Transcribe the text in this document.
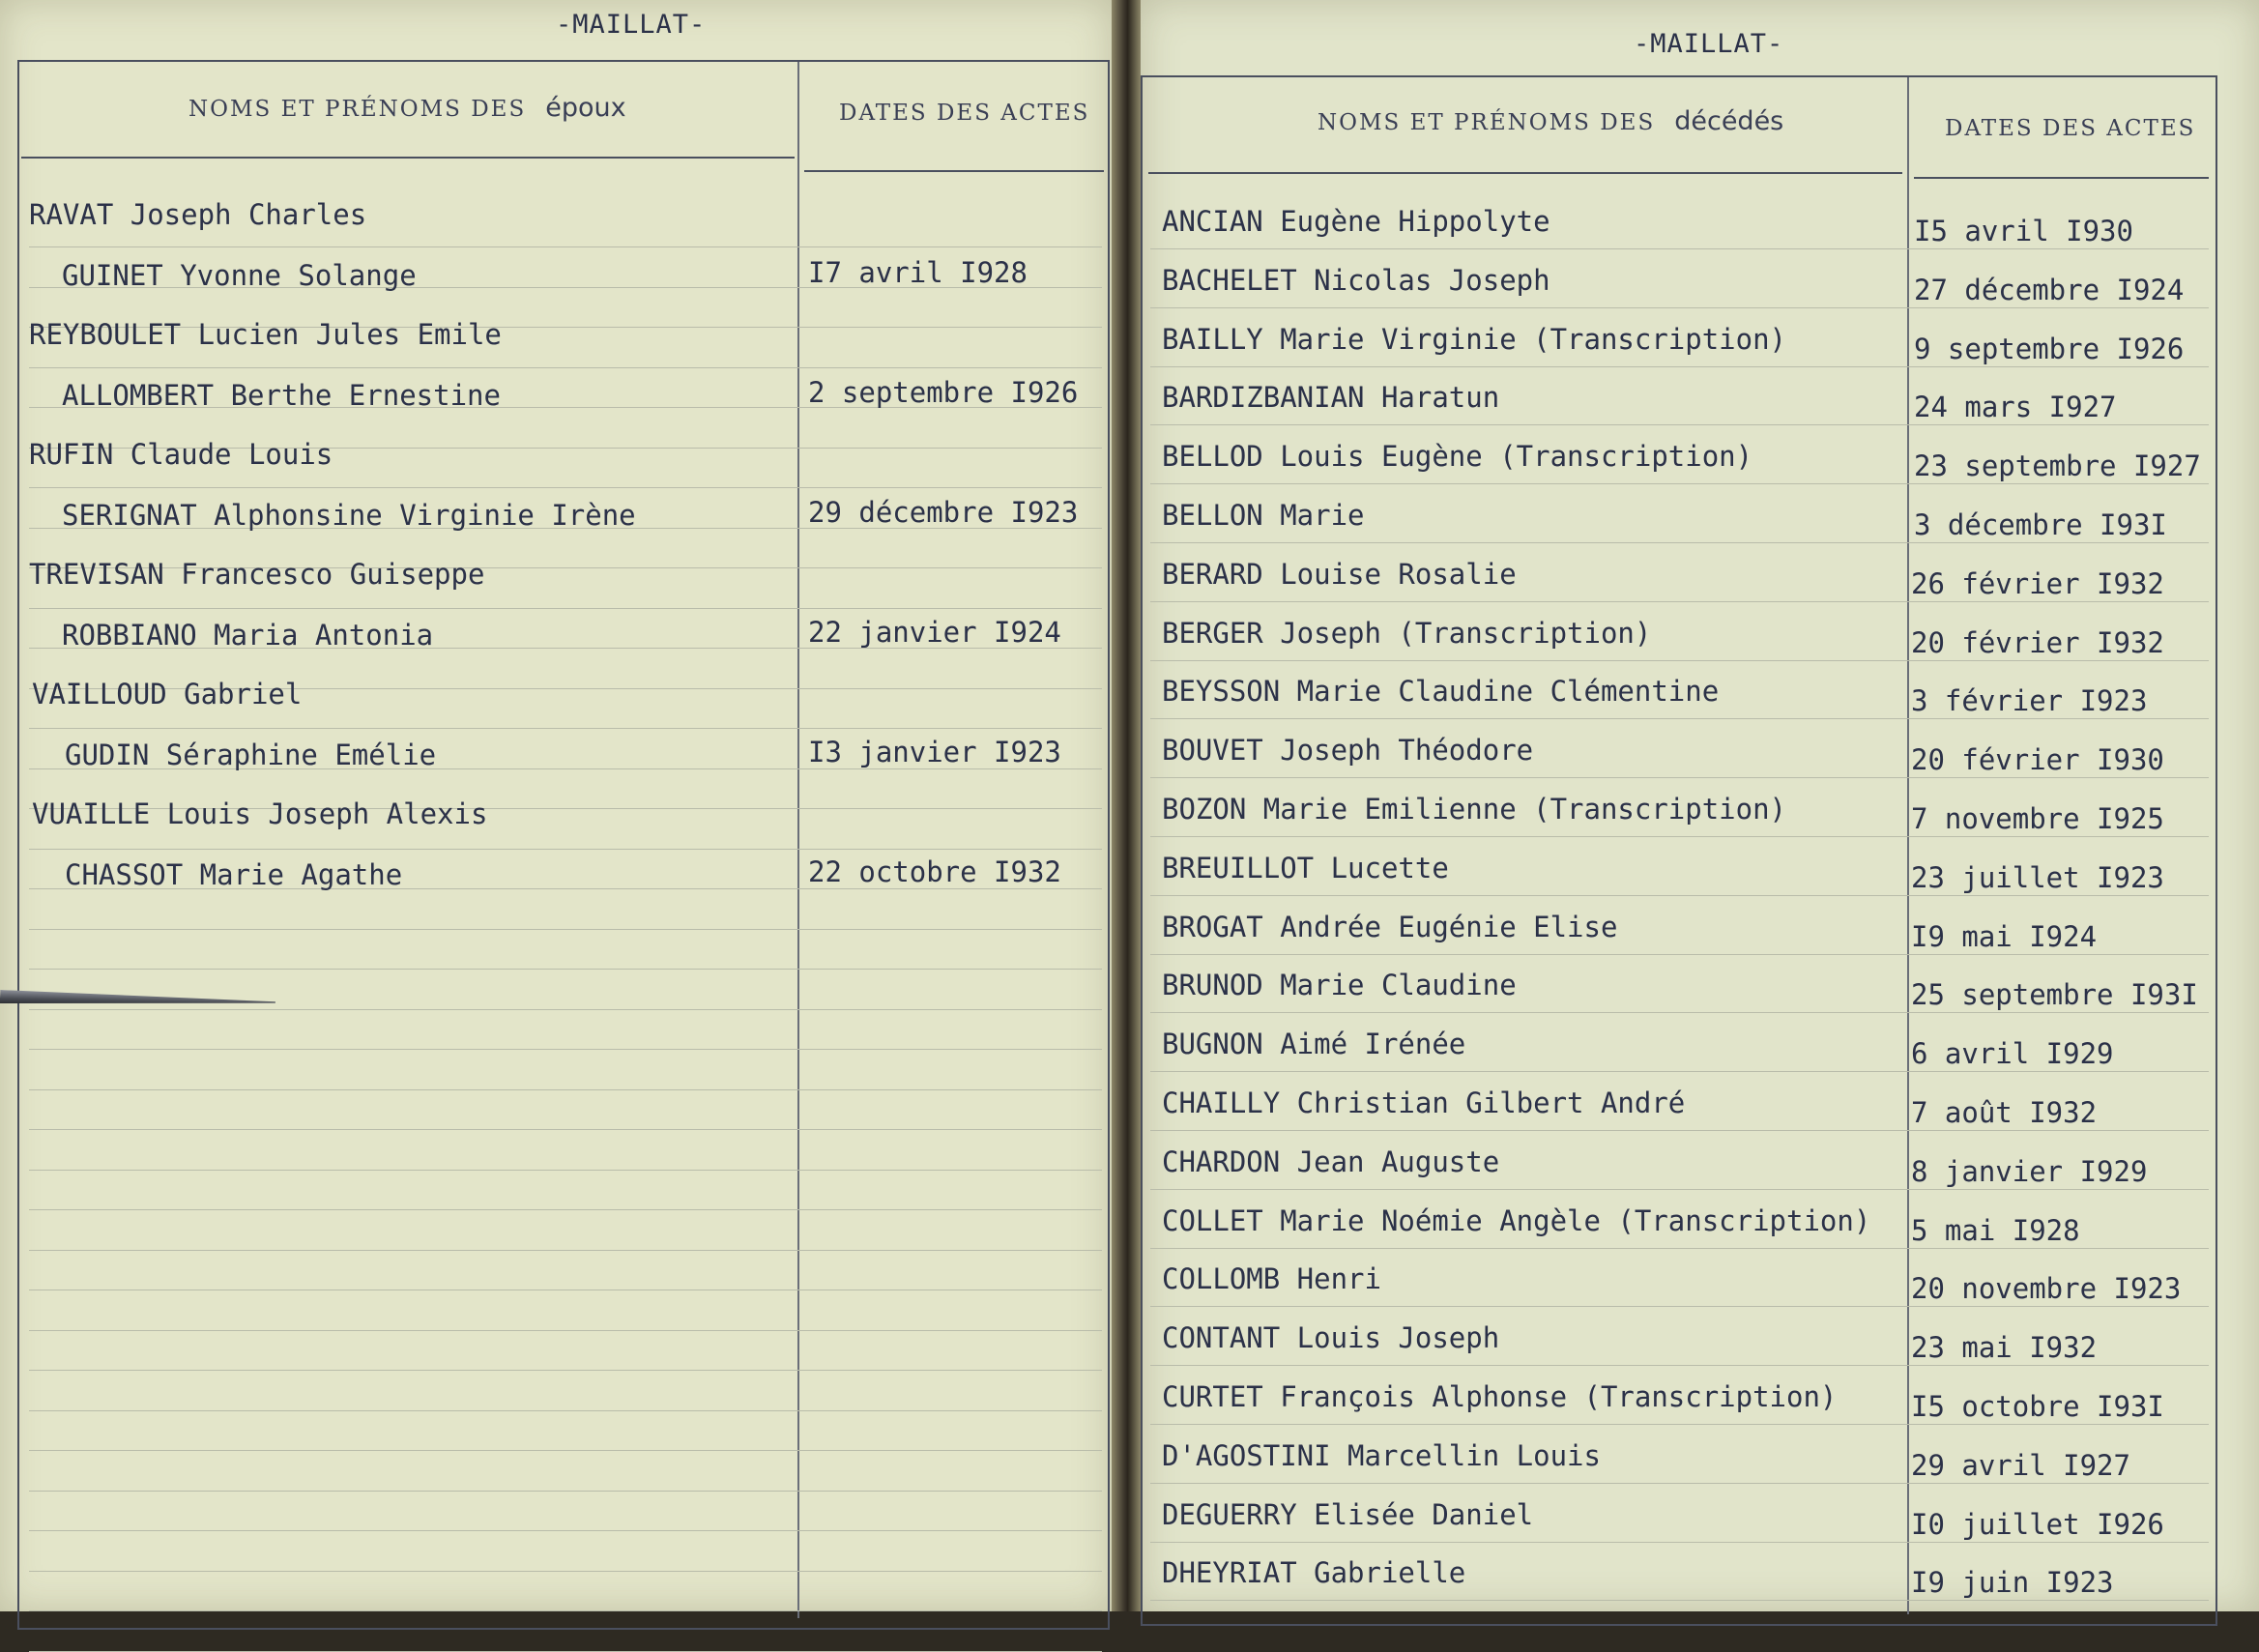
-MAILLAT-
NOMS ET PRÉNOMS DES époux	DATES DES ACTES
RAVAT Joseph Charles
GUINET Yvonne Solange	I7 avril I928
REYBOULET Lucien Jules Emile
ALLOMBERT Berthe Ernestine	2 septembre I926
RUFIN Claude Louis
SERIGNAT Alphonsine Virginie Irène	29 décembre I923
TREVISAN Francesco Guiseppe
ROBBIANO Maria Antonia	22 janvier I924
VAILLOUD Gabriel
GUDIN Séraphine Emélie	I3 janvier I923
VUAILLE Louis Joseph Alexis
CHASSOT Marie Agathe	22 octobre I932
-MAILLAT-
NOMS ET PRÉNOMS DES décédés	DATES DES ACTES
ANCIAN Eugène Hippolyte	I5 avril I930
BACHELET Nicolas Joseph	27 décembre I924
BAILLY Marie Virginie (Transcription)	9 septembre I926
BARDIZBANIAN Haratun	24 mars I927
BELLOD Louis Eugène (Transcription)	23 septembre I927
BELLON Marie	3 décembre I93I
BERARD Louise Rosalie	26 février I932
BERGER Joseph (Transcription)	20 février I932
BEYSSON Marie Claudine Clémentine	3 février I923
BOUVET Joseph Théodore	20 février I930
BOZON Marie Emilienne (Transcription)	7 novembre I925
BREUILLOT Lucette	23 juillet I923
BROGAT Andrée Eugénie Elise	I9 mai I924
BRUNOD Marie Claudine	25 septembre I93I
BUGNON Aimé Irénée	6 avril I929
CHAILLY Christian Gilbert André	7 août I932
CHARDON Jean Auguste	8 janvier I929
COLLET Marie Noémie Angèle (Transcription) 5 mai I928
COLLOMB Henri	20 novembre I923
CONTANT Louis Joseph	23 mai I932
CURTET François Alphonse (Transcription)	I5 octobre I93I
D'AGOSTINI Marcellin Louis	29 avril I927
DEGUERRY Elisée Daniel	I0 juillet I926
DHEYRIAT Gabrielle	I9 juin I923
